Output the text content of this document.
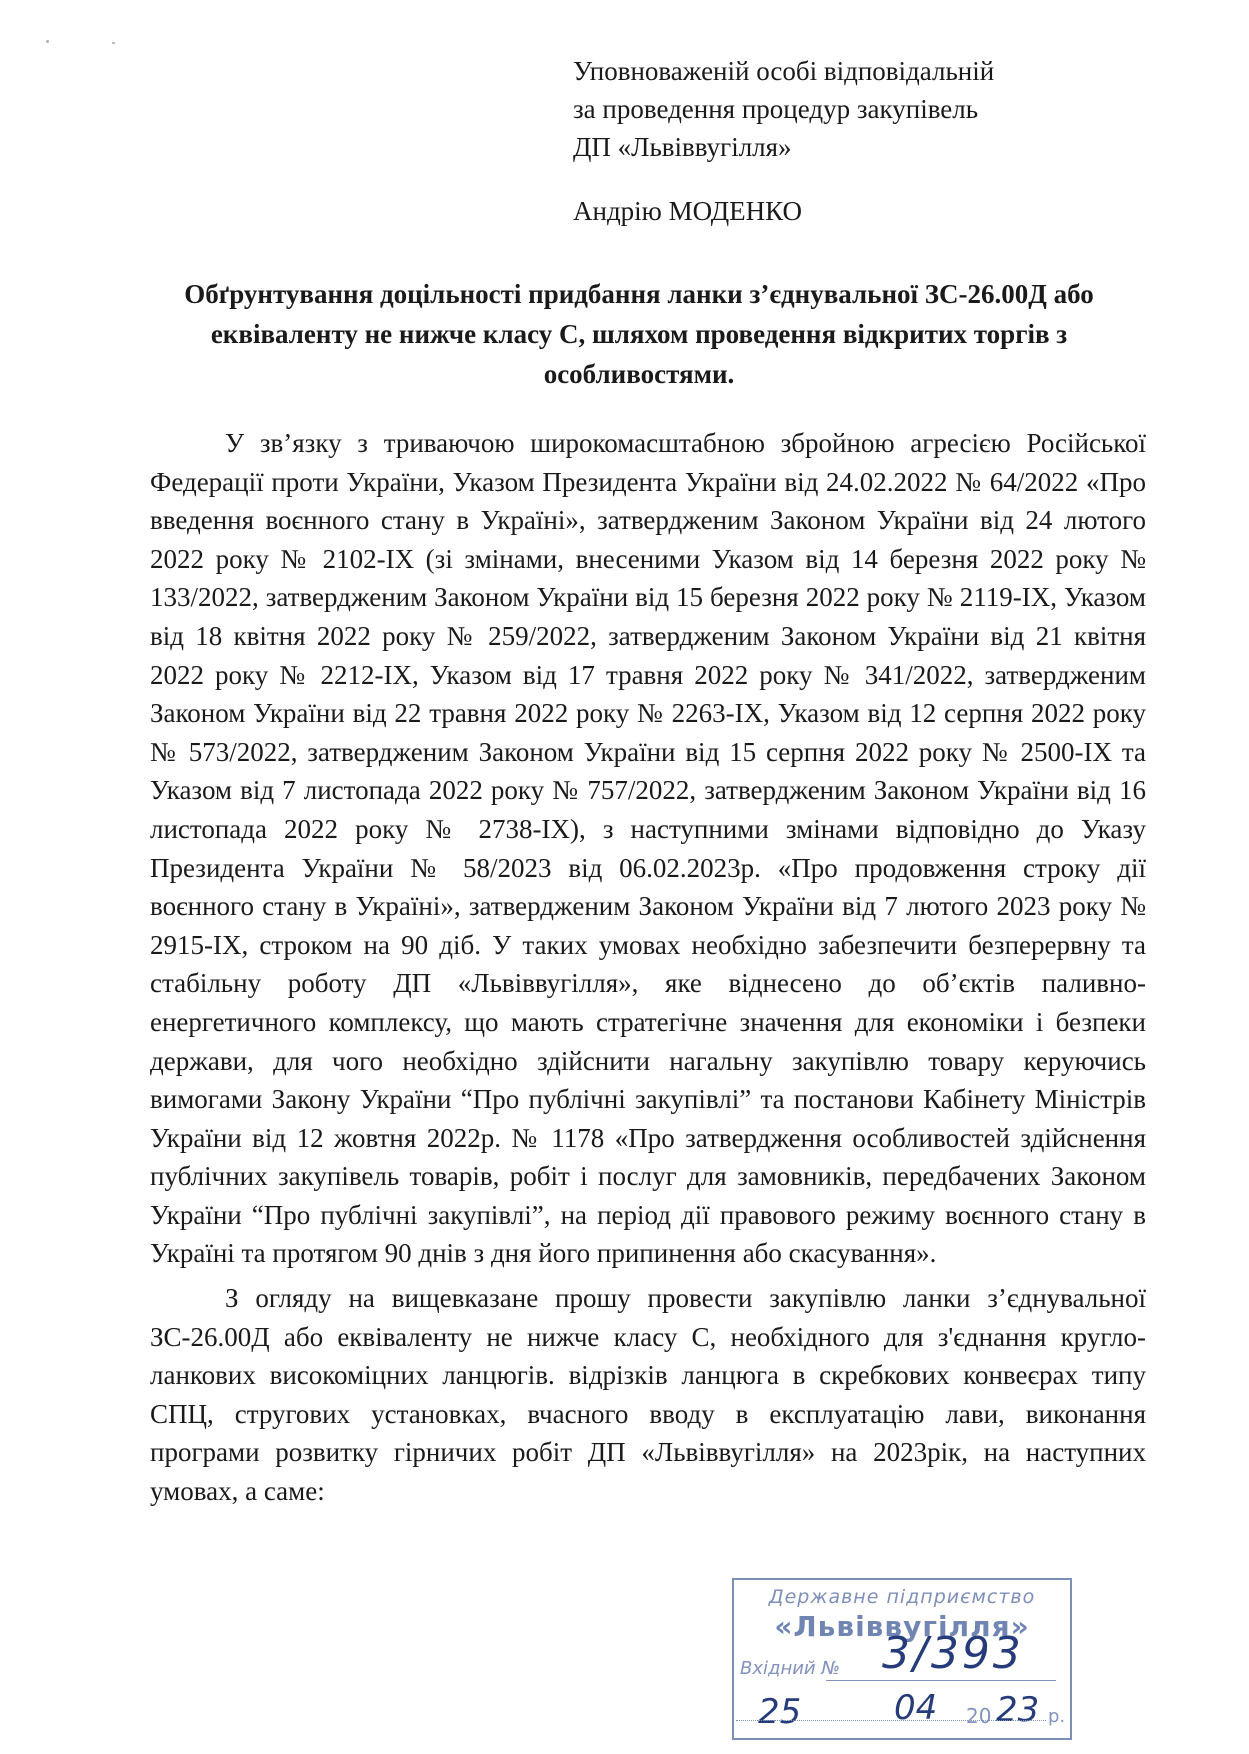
Уповноваженій особі відповідальній
за проведення процедур закупівель
ДП «Львіввугілля»
Андрію МОДЕНКО
Обґрунтування доцільності придбання ланки з’єднувальної ЗС-26.00Д або еквіваленту не нижче класу С, шляхом проведення відкритих торгів з особливостями.

У зв’язку з триваючою широкомасштабною збройною агресією Російської Федерації проти України, Указом Президента України від 24.02.2022 № 64/2022 «Про введення воєнного стану в Україні», затвердженим Законом України від 24 лютого 2022 року № 2102-ІХ (зі змінами, внесеними Указом від 14 березня 2022 року № 133/2022, затвердженим Законом України від 15 березня 2022 року № 2119-ІХ, Указом від 18 квітня 2022 року № 259/2022, затвердженим Законом України від 21 квітня 2022 року № 2212-ІХ, Указом від 17 травня 2022 року № 341/2022, затвердженим Законом України від 22 травня 2022 року № 2263-ІХ, Указом від 12 серпня 2022 року № 573/2022, затвердженим Законом України від 15 серпня 2022 року № 2500-ІХ та Указом від 7 листопада 2022 року № 757/2022, затвердженим Законом України від 16 листопада 2022 року № 2738-ІХ), з наступними змінами відповідно до Указу Президента України № 58/2023 від 06.02.2023р. «Про продовження строку дії воєнного стану в Україні», затвердженим Законом України від 7 лютого 2023 року № 2915-ІХ, строком на 90 діб. У таких умовах необхідно забезпечити безперервну та стабільну роботу ДП «Львіввугілля», яке віднесено до об’єктів паливно-енергетичного комплексу, що мають стратегічне значення для економіки і безпеки держави, для чого необхідно здійснити нагальну закупівлю товару керуючись вимогами Закону України “Про публічні закупівлі” та постанови Кабінету Міністрів України від 12 жовтня 2022р. № 1178 «Про затвердження особливостей здійснення публічних закупівель товарів, робіт і послуг для замовників, передбачених Законом України “Про публічні закупівлі”, на період дії правового режиму воєнного стану в Україні та протягом 90 днів з дня його припинення або скасування».

З огляду на вищевказане прошу провести закупівлю ланки з’єднувальної ЗС-26.00Д або еквіваленту не нижче класу С, необхідного для з'єднання кругло-ланкових високоміцних ланцюгів. відрізків ланцюга в скребкових конвеєрах типу СПЦ, стругових установках, вчасного вводу в експлуатацію лави, виконання програми розвитку гірничих робіт ДП «Львіввугілля» на 2023рік, на наступних умовах, а саме:

Державне підприємство
«Львіввугілля»
Вхідний № 3/393
25	04 20 23 р.
